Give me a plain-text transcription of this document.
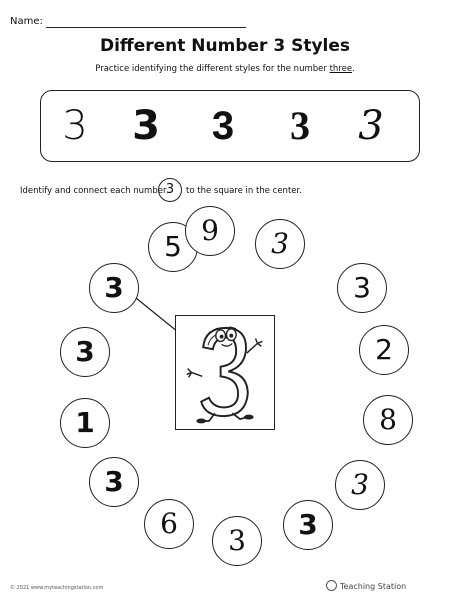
Name:
Different Number 3 Styles
Practice identifying the different styles for the number three.
3	3	3	3	3
Identify and connect each number 3	to the square in the center.
5 9	3
3	3
2
3
8
1
3
3
6
3	3
© 2021 www.myteachingstation.com	Teaching Station
